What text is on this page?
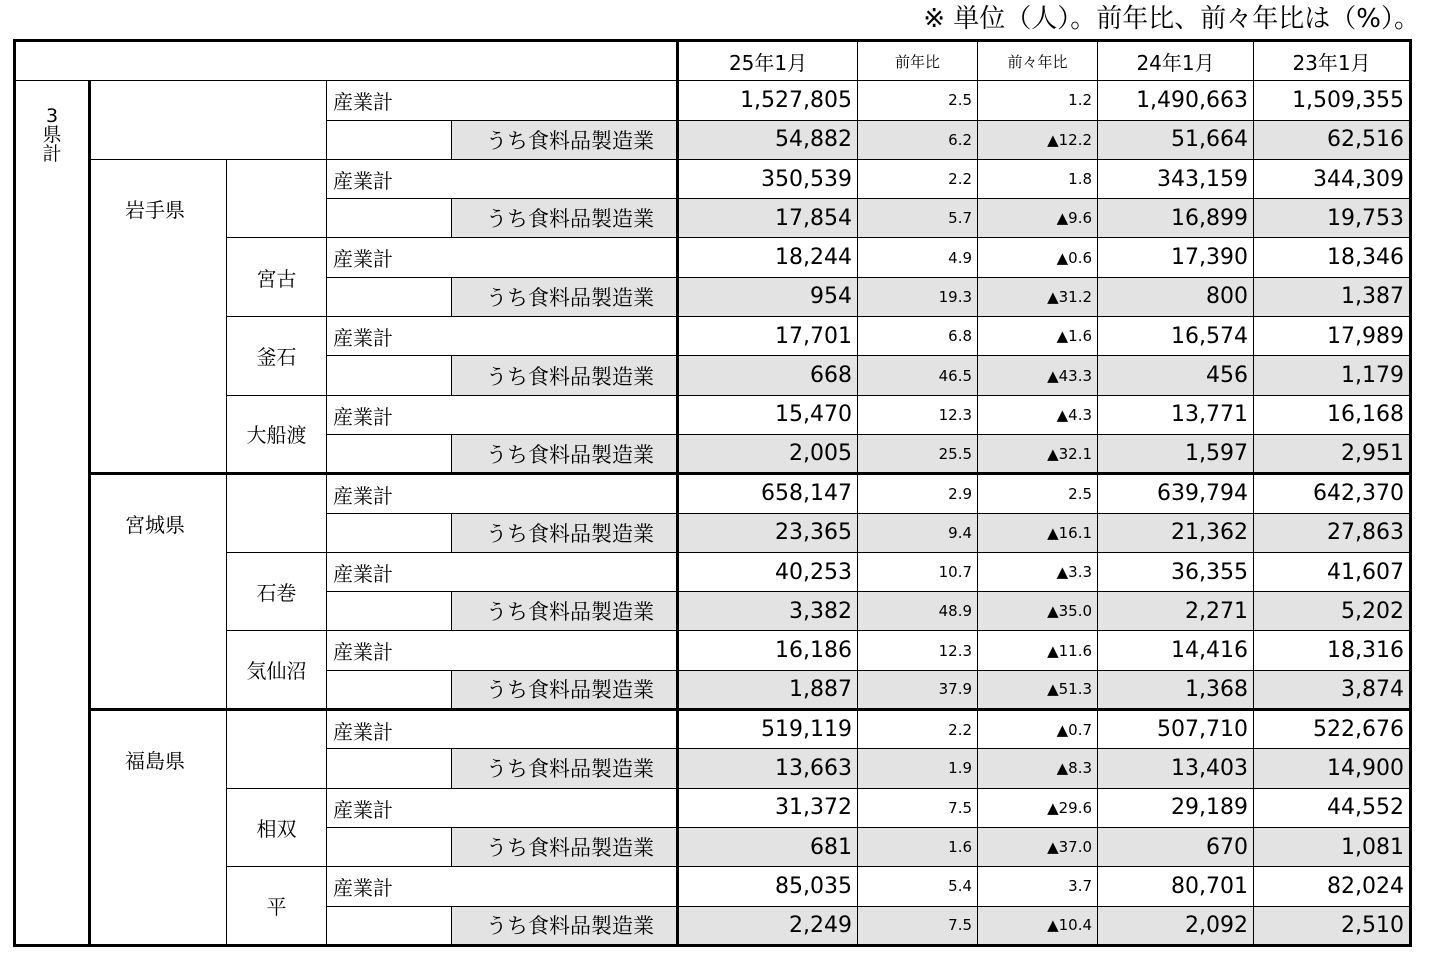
※ 単位（人）。前年比、前々年比は（%）。
					25年1月	前年比	前々年比	24年1月	23年1月

3
県
計			産業計		1,527,805	2.5	1.2	1,490,663	1,509,355
				うち食料品製造業	54,882	6.2	▲12.2	51,664	62,516
	岩手県		産業計		350,539	2.2	1.8	343,159	344,309
				うち食料品製造業	17,854	5.7	▲9.6	16,899	19,753
		宮古	産業計		18,244	4.9	▲0.6	17,390	18,346
				うち食料品製造業	954	19.3	▲31.2	800	1,387
		釜石	産業計		17,701	6.8	▲1.6	16,574	17,989
				うち食料品製造業	668	46.5	▲43.3	456	1,179
		大船渡	産業計		15,470	12.3	▲4.3	13,771	16,168
				うち食料品製造業	2,005	25.5	▲32.1	1,597	2,951
	宮城県		産業計		658,147	2.9	2.5	639,794	642,370
				うち食料品製造業	23,365	9.4	▲16.1	21,362	27,863
		石巻	産業計		40,253	10.7	▲3.3	36,355	41,607
				うち食料品製造業	3,382	48.9	▲35.0	2,271	5,202
		気仙沼	産業計		16,186	12.3	▲11.6	14,416	18,316
				うち食料品製造業	1,887	37.9	▲51.3	1,368	3,874
	福島県		産業計		519,119	2.2	▲0.7	507,710	522,676
				うち食料品製造業	13,663	1.9	▲8.3	13,403	14,900
		相双	産業計		31,372	7.5	▲29.6	29,189	44,552
				うち食料品製造業	681	1.6	▲37.0	670	1,081
		平	産業計		85,035	5.4	3.7	80,701	82,024
				うち食料品製造業	2,249	7.5	▲10.4	2,092	2,510
